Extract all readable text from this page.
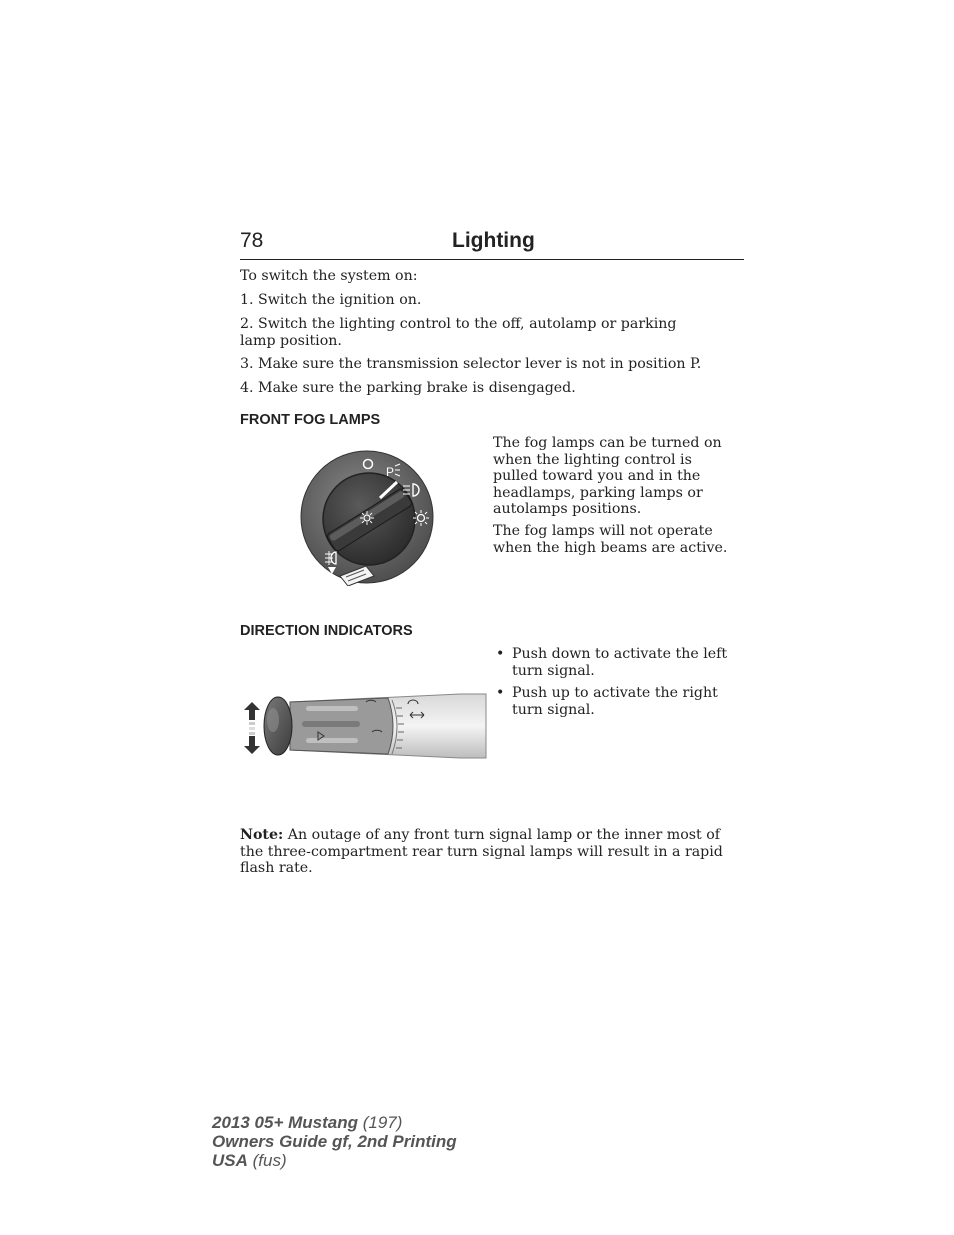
78	Lighting
To switch the system on:
1. Switch the ignition on.
2. Switch the lighting control to the off, autolamp or parking lamp position.
3. Make sure the transmission selector lever is not in position P.
4. Make sure the parking brake is disengaged.
FRONT FOG LAMPS
P
The fog lamps can be turned on when the lighting control is pulled toward you and in the headlamps, parking lamps or autolamps positions.
The fog lamps will not operate when the high beams are active.
DIRECTION INDICATORS
• Push down to activate the left turn signal.
• Push up to activate the right turn signal.
Note: An outage of any front turn signal lamp or the inner most of the three-compartment rear turn signal lamps will result in a rapid flash rate.
2013 05+ Mustang (197)
Owners Guide gf, 2nd Printing
USA (fus)
